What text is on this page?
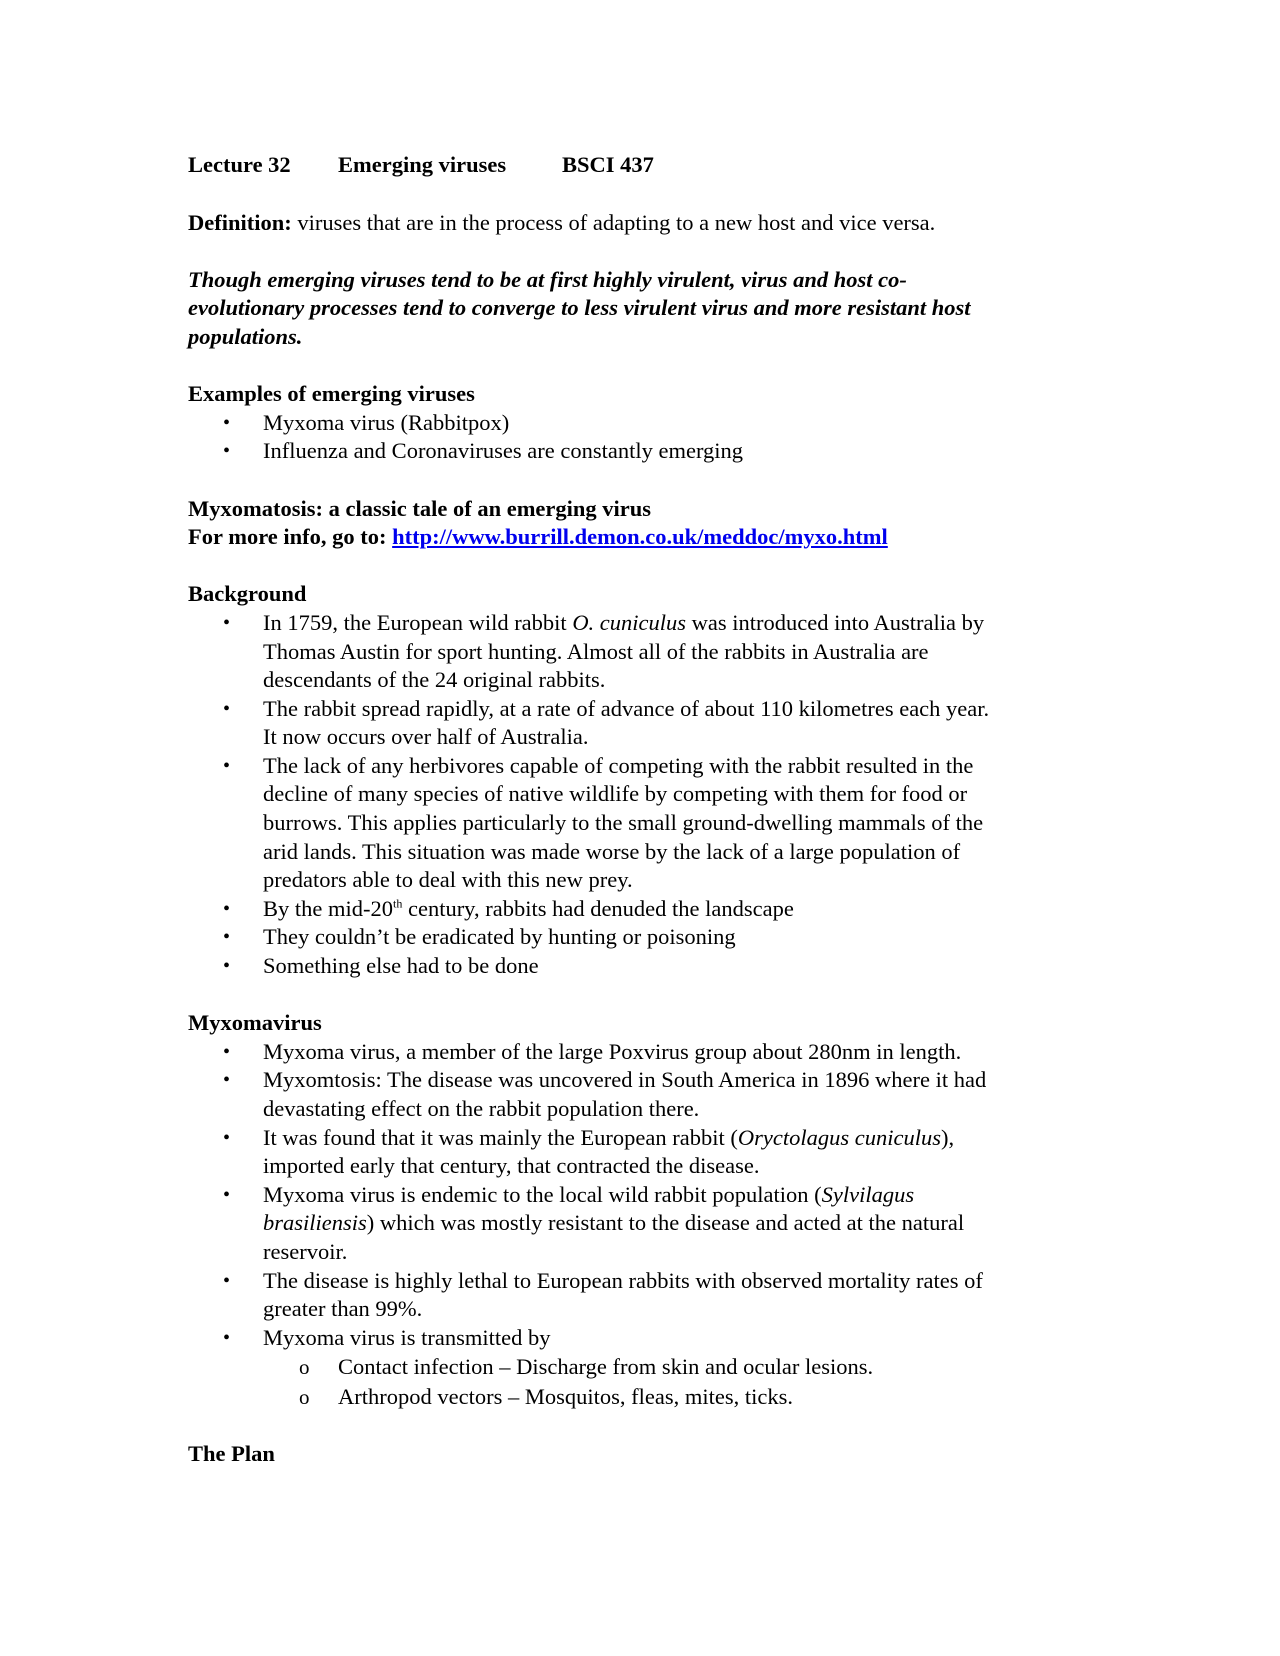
Lecture 32	Emerging viruses	BSCI 437
Definition: viruses that are in the process of adapting to a new host and vice versa.
Though emerging viruses tend to be at first highly virulent, virus and host co-
evolutionary processes tend to converge to less virulent virus and more resistant host
populations.
Examples of emerging viruses
• Myxoma virus (Rabbitpox)
• Influenza and Coronaviruses are constantly emerging
Myxomatosis: a classic tale of an emerging virus
For more info, go to: http://www.burrill.demon.co.uk/meddoc/myxo.html
Background
• In 1759, the European wild rabbit O. cuniculus was introduced into Australia by
Thomas Austin for sport hunting. Almost all of the rabbits in Australia are
descendants of the 24 original rabbits.
• The rabbit spread rapidly, at a rate of advance of about 110 kilometres each year.
It now occurs over half of Australia.
• The lack of any herbivores capable of competing with the rabbit resulted in the
decline of many species of native wildlife by competing with them for food or
burrows. This applies particularly to the small ground-dwelling mammals of the
arid lands. This situation was made worse by the lack of a large population of
predators able to deal with this new prey.
• By the mid-20th century, rabbits had denuded the landscape
• They couldn’t be eradicated by hunting or poisoning
• Something else had to be done
Myxomavirus
• Myxoma virus, a member of the large Poxvirus group about 280nm in length.
• Myxomtosis: The disease was uncovered in South America in 1896 where it had
devastating effect on the rabbit population there.
• It was found that it was mainly the European rabbit (Oryctolagus cuniculus),
imported early that century, that contracted the disease.
• Myxoma virus is endemic to the local wild rabbit population (Sylvilagus
brasiliensis) which was mostly resistant to the disease and acted at the natural
reservoir.
• The disease is highly lethal to European rabbits with observed mortality rates of
greater than 99%.
• Myxoma virus is transmitted by
o Contact infection – Discharge from skin and ocular lesions.
o Arthropod vectors – Mosquitos, fleas, mites, ticks.
The Plan
